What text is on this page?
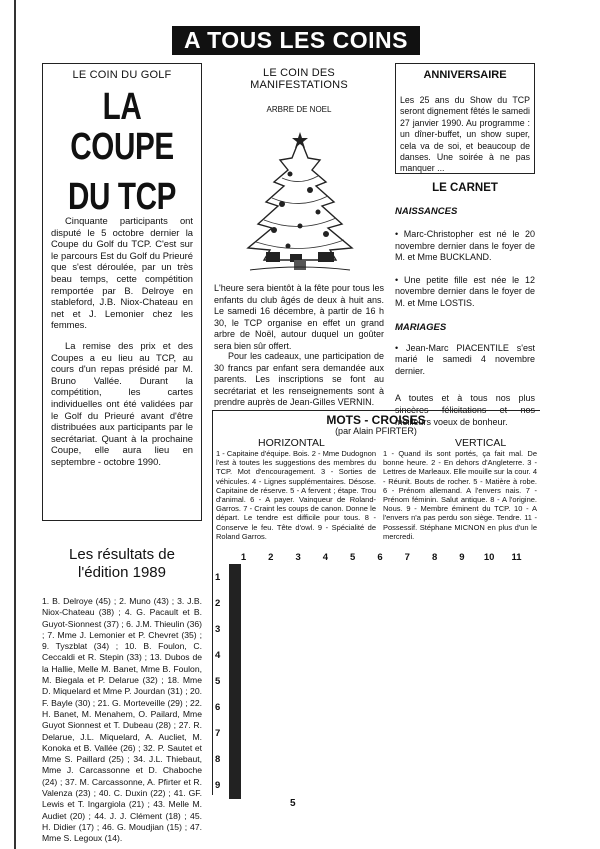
A TOUS LES COINS
LE COIN DU GOLF
LA COUPE
DU TCP
Cinquante participants ont disputé le 5 octobre dernier la Coupe du Golf du TCP. C'est sur le parcours Est du Golf du Prieuré que s'est déroulée, par un très beau temps, cette compétition remportée par B. Delroye en stableford, J.B. Niox-Chateau en net et J. Lemonier chez les femmes.
La remise des prix et des Coupes a eu lieu au TCP, au cours d'un repas présidé par M. Bruno Vallée. Durant la compétition, les cartes individuelles ont été validées par le Golf du Prieuré avant d'être distribuées aux participants par le secrétariat. Quant à la prochaine Coupe, elle aura lieu en septembre - octobre 1990.
Les résultats de
l'édition 1989
1. B. Delroye (45) ; 2. Muno (43) ; 3. J.B. Niox-Chateau (38) ; 4. G. Pacault et B. Guyot-Sionnest (37) ; 6. J.M. Thieulin (36) ; 7. Mme J. Lemonier et P. Chevret (35) ; 9. Tyszblat (34) ; 10. B. Foulon, C. Ceccaldi et R. Stepin (33) ; 13. Dubos de la Hallie, Melle M. Banet, Mme B. Foulon, M. Biegala et P. Delarue (32) ; 18. Mme D. Miquelard et Mme P. Jourdan (31) ; 20. F. Bayle (30) ; 21. G. Morteveille (29) ; 22. H. Banet, M. Menahem, O. Pailard, Mme Guyot Sionnest et T. Dubeau (28) ; 27. R. Delarue, J.L. Miquelard, A. Aucliet, M. Konoka et B. Vallée (26) ; 32. P. Sautet et Mme S. Paillard (25) ; 34. J.L. Thiebaut, Mme J. Carcassonne et D. Chaboche (24) ; 37. M. Carcassonne, A. Pfirter et R. Valenza (23) ; 40. C. Duxin (22) ; 41. GF. Lewis et T. Ingargiola (21) ; 43. Melle M. Audiet (20) ; 44. J. J. Clément (18) ; 45. H. Didier (17) ; 46. G. Moudjian (15) ; 47. Mme S. Legoux (14).
LE COIN DES
MANIFESTATIONS
ARBRE DE NOEL
L'heure sera bientôt à la fête pour tous les enfants du club âgés de deux à huit ans. Le samedi 16 décembre, à partir de 16 h 30, le TCP organise en effet un grand arbre de Noël, autour duquel un goûter sera bien sûr offert.
Pour les cadeaux, une participation de 30 francs par enfant sera demandée aux parents. Les inscriptions se font au secrétariat et les renseignements sont à prendre auprès de Jean-Gilles VERNIN.
ANNIVERSAIRE
Les 25 ans du Show du TCP seront dignement fêtés le samedi 27 janvier 1990. Au programme : un dîner-buffet, un show super, cela va de soi, et beaucoup de danses. Une soirée à ne pas manquer ...
LE CARNET
NAISSANCES
• Marc-Christopher est né le 20 novembre dernier dans le foyer de M. et Mme BUCKLAND.
• Une petite fille est née le 12 novembre dernier dans le foyer de M. et Mme LOSTIS.
MARIAGES
• Jean-Marc PIACENTILE s'est marié le samedi 4 novembre dernier.
A toutes et à tous nos plus sincères félicitations et nos meilleurs voeux de bonheur.
MOTS - CROISES
(par Alain PFIRTER)
HORIZONTAL	VERTICAL
1 - Capitaine d'équipe. Bois. 2 - Mme Dudognon l'est à toutes les suggestions des membres du TCP. Mot d'encouragement. 3 - Sorties de véhicules. 4 - Lignes supplémentaires. Désose. Capitaine de réserve. 5 - A fervent ; étape. Trou d'animal. 6 - A payer. Vainqueur de Roland-Garros. 7 - Craint les coups de canon. Donne le départ. Le tendre est difficile pour tous. 8 - Conserve le feu. Tête d'owl. 9 - Spécialité de Roland Garros.
1 - Quand ils sont portés, ça fait mal. De bonne heure. 2 - En dehors d'Angleterre. 3 - Lettres de Marleaux. Elle mouille sur la cour. 4 - Réunit. Bouts de rocher. 5 - Matière à robe. 6 - Prénom allemand. A l'envers nais. 7 - Prénom féminin. Salut antique. 8 - A l'origine. Nous. 9 - Membre éminent du TCP. 10 - A l'envers n'a pas perdu son siège. Tendre. 11 - Possessif. Stéphane MICNON en plus d'un le mercredi.
1	2	3	4	5	6	7	8	9	10	11
1
2
3
4
5
6
7
8
9

5
